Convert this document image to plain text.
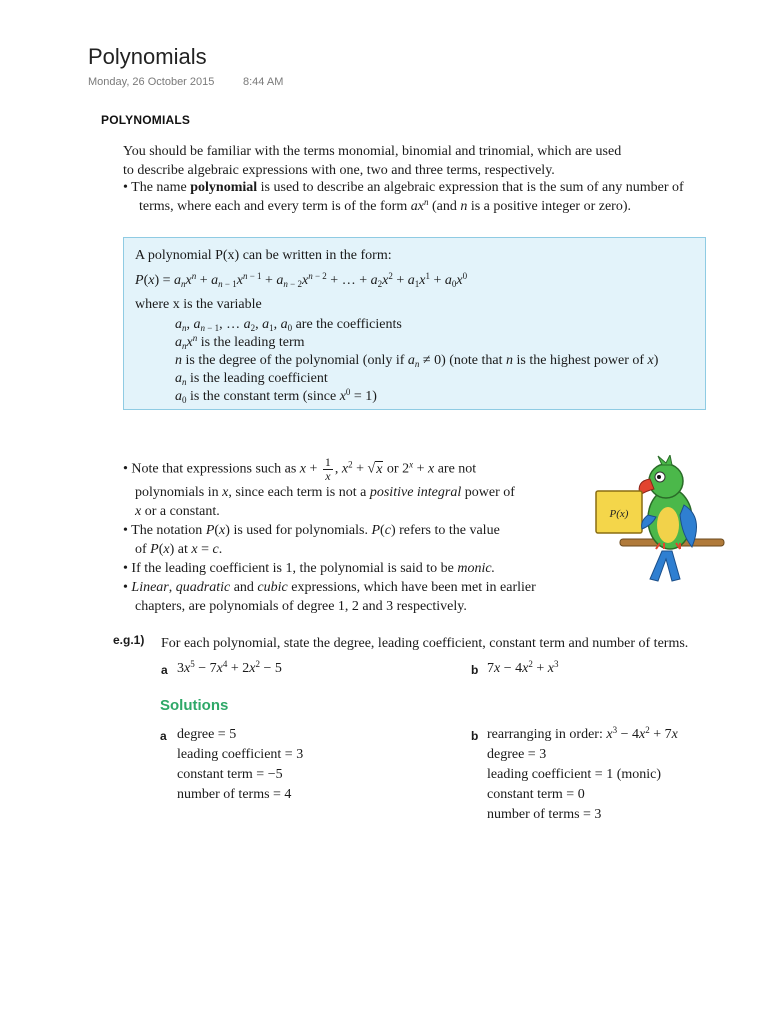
Polynomials
Monday, 26 October 2015	8:44 AM
POLYNOMIALS
You should be familiar with the terms monomial, binomial and trinomial, which are used
to describe algebraic expressions with one, two and three terms, respectively.
• The name polynomial is used to describe an algebraic expression that is the sum of any number of terms, where each and every term is of the form $ax^n$ (and n is a positive integer or zero).
A polynomial P(x) can be written in the form:
$P(x) = a_nx^n + a_{n - 1}x^{n - 1} + a_{n - 2}x^{n - 2}$ + … + $a_2x^2 + a_1x^1 + a_0x^0$
where x is the variable
$a_n$, $a_{n - 1}$, … $a_2$, $a_1$, $a_0$ are the coefficients
$a_nx^n$ is the leading term
n is the degree of the polynomial (only if $a_n \ne 0$) (note that n is the highest power of x)
$a_n$ is the leading coefficient
$a_0$ is the constant term (since $x^0 = 1$)
• Note that expressions such as $x + \frac{1}{x}$ , $x^2 + √x$ or $2^x + x$ are not
polynomials in x, since each term is not a positive integral power of
x or a constant.
• The notation P(x) is used for polynomials. P(c) refers to the value
of P(x) at x = c.
• If the leading coefficient is 1, the polynomial is said to be monic.
• Linear, quadratic and cubic expressions, which have been met in earlier
chapters, are polynomials of degree 1, 2 and 3 respectively.
P(x)
e.g.1) For each polynomial, state the degree, leading coefficient, constant term and number of terms.
a $3x^5 - 7x^4 + 2x^2 - 5$	b $7x - 4x^2 + x^3$
Solutions
a degree = 5
leading coefficient = 3
constant term = −5
number of terms = 4
b rearranging in order: $x^3 - 4x^2 + 7x$
degree = 3
leading coefficient = 1 (monic)
constant term = 0
number of terms = 3
